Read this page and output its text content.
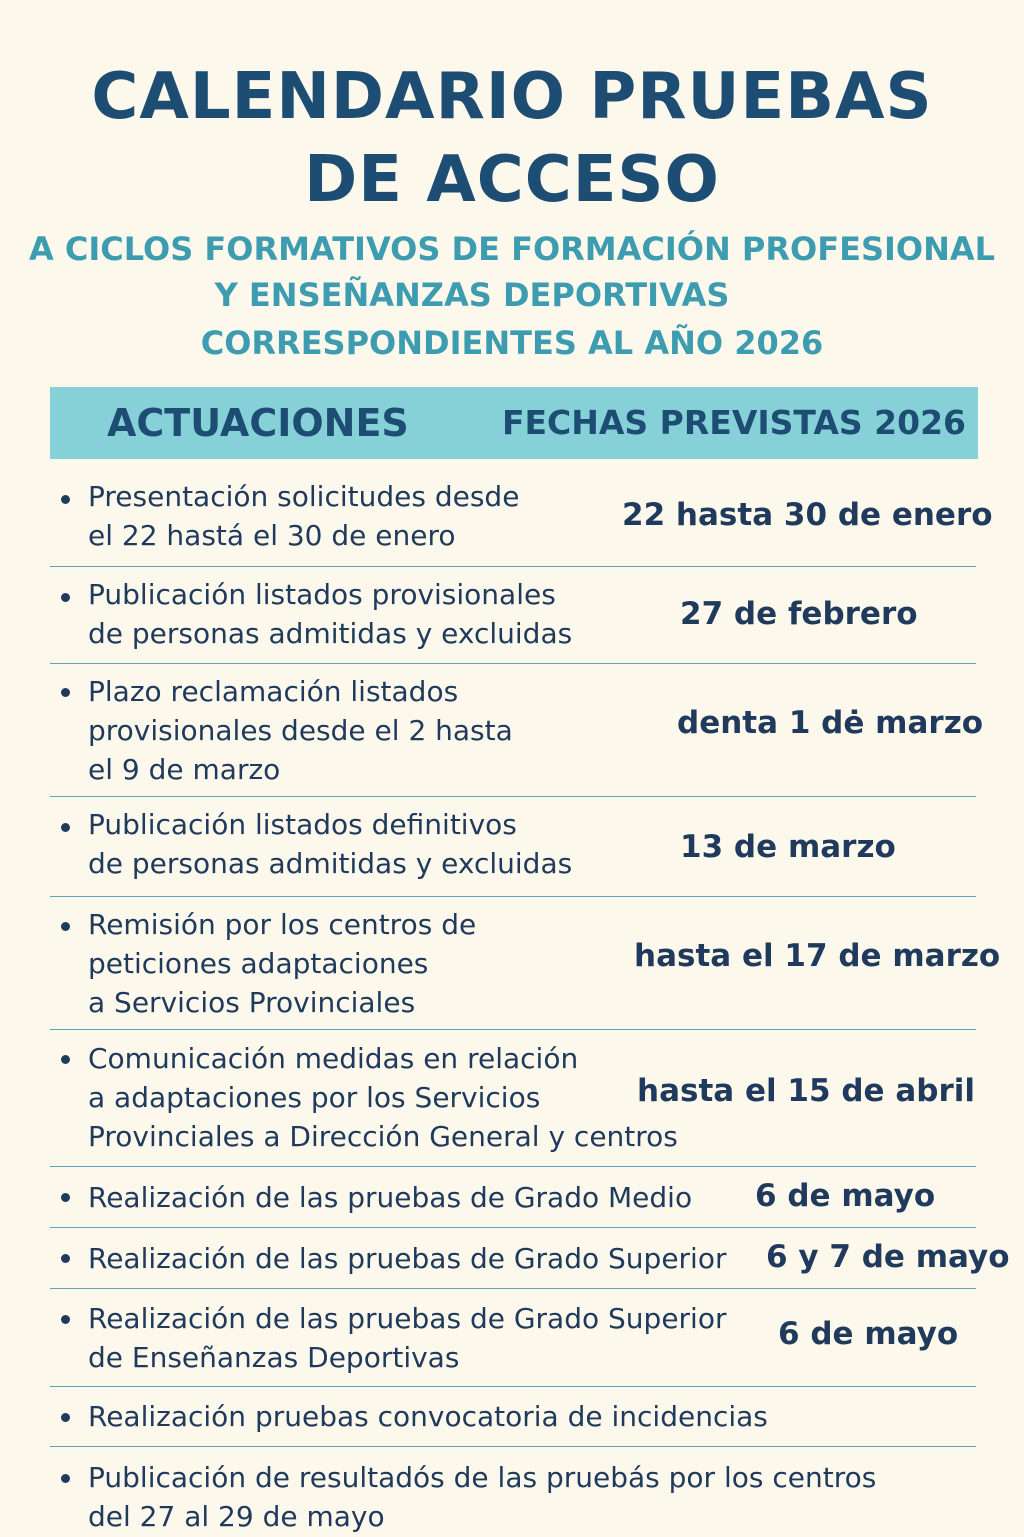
CALENDARIO PRUEBAS
DE ACCESO

A CICLOS FORMATIVOS DE FORMACIÓN PROFESIONAL

Y ENSEÑANZAS DEPORTIVAS

CORRESPONDIENTES AL AÑO 2026

ACTUACIONES	FECHAS PREVISTAS 2026
Presentación solicitudes desde
el 22 hastá el 30 de enero
22 hasta 30 de enero
Publicación listados provisionales
de personas admitidas y excluidas
27 de febrero
Plazo reclamación listados
provisionales desde el 2 hasta
el 9 de marzo
denta 1 dė marzo
Publicación listados definitivos
de personas admitidas y excluidas	13 de marzo
Remisión por los centros de
peticiones adaptaciones
a Servicios Provinciales
hasta el 17 de marzo
Comunicación medidas en relación
a adaptaciones por los Servicios
Provinciales a Dirección General y centros
hasta el 15 de abril
Realización de las pruebas de Grado Medio 6 de mayo
Realización de las pruebas de Grado Superior 6 y 7 de mayo
Realización de las pruebas de Grado Superior
de Enseñanzas Deportivas
6 de mayo
Realización pruebas convocatoria de incidencias
Publicación de resultadós de las pruebás por los centros
del 27 al 29 de mayo
